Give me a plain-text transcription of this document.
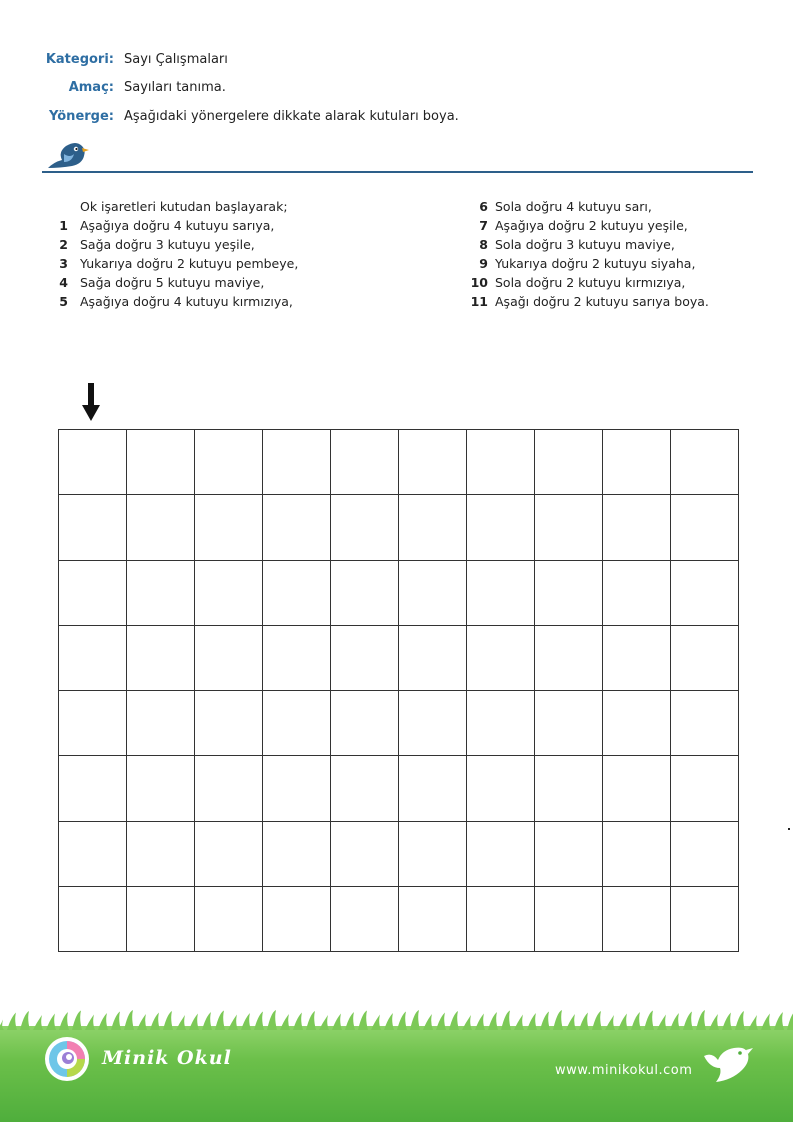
Kategori: Sayı Çalışmaları
Amaç: Sayıları tanıma.
Yönerge: Aşağıdaki yönergelere dikkate alarak kutuları boya.
Ok işaretleri kutudan başlayarak;
1 Aşağıya doğru 4 kutuyu sarıya,
2 Sağa doğru 3 kutuyu yeşile,
3 Yukarıya doğru 2 kutuyu pembeye,
4 Sağa doğru 5 kutuyu maviye,
5 Aşağıya doğru 4 kutuyu kırmızıya,
6 Sola doğru 4 kutuyu sarı,
7 Aşağıya doğru 2 kutuyu yeşile,
8 Sola doğru 3 kutuyu maviye,
9 Yukarıya doğru 2 kutuyu siyaha,
10 Sola doğru 2 kutuyu kırmızıya,
11 Aşağı doğru 2 kutuyu sarıya boya.
Minik Okul
www.minikokul.com
